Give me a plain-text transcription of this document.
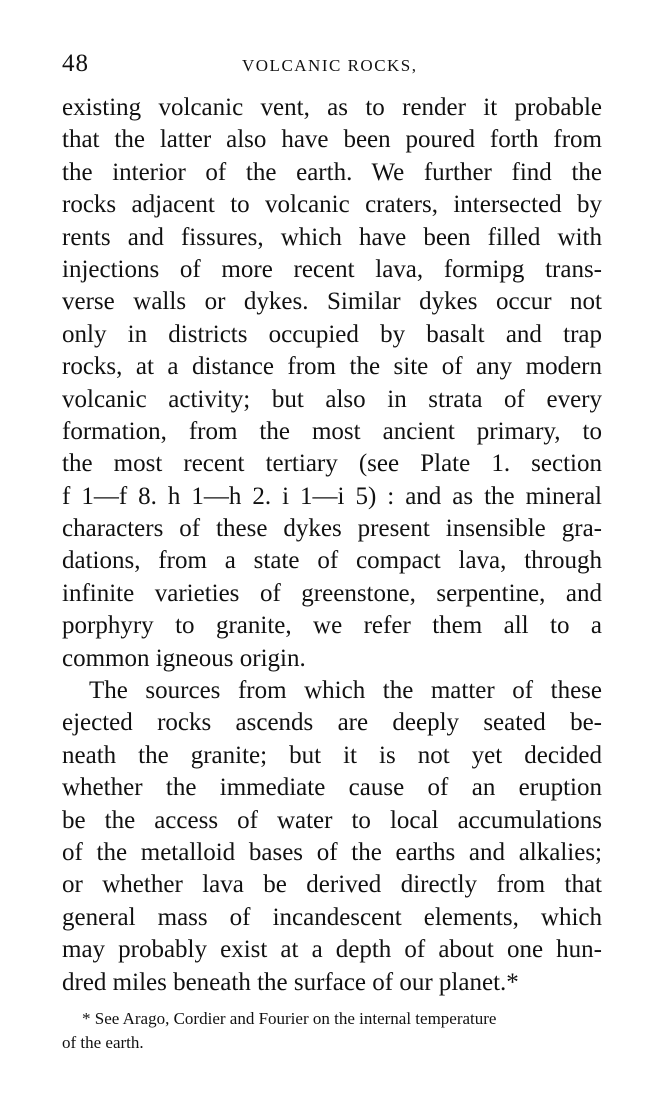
48	VOLCANIC ROCKS,
existing volcanic vent, as to render it probable
that the latter also have been poured forth from
the interior of the earth. We further find the
rocks adjacent to volcanic craters, intersected by
rents and fissures, which have been filled with
injections of more recent lava, formipg trans-
verse walls or dykes. Similar dykes occur not
only in districts occupied by basalt and trap
rocks, at a distance from the site of any modern
volcanic activity; but also in strata of every
formation, from the most ancient primary, to
the most recent tertiary (see Plate 1. section
f 1—f 8. h 1—h 2. i 1—i 5) : and as the mineral
characters of these dykes present insensible gra-
dations, from a state of compact lava, through
infinite varieties of greenstone, serpentine, and
porphyry to granite, we refer them all to a
common igneous origin.
The sources from which the matter of these
ejected rocks ascends are deeply seated be-
neath the granite; but it is not yet decided
whether the immediate cause of an eruption
be the access of water to local accumulations
of the metalloid bases of the earths and alkalies;
or whether lava be derived directly from that
general mass of incandescent elements, which
may probably exist at a depth of about one hun-
dred miles beneath the surface of our planet.*
* See Arago, Cordier and Fourier on the internal temperature
of the earth.
